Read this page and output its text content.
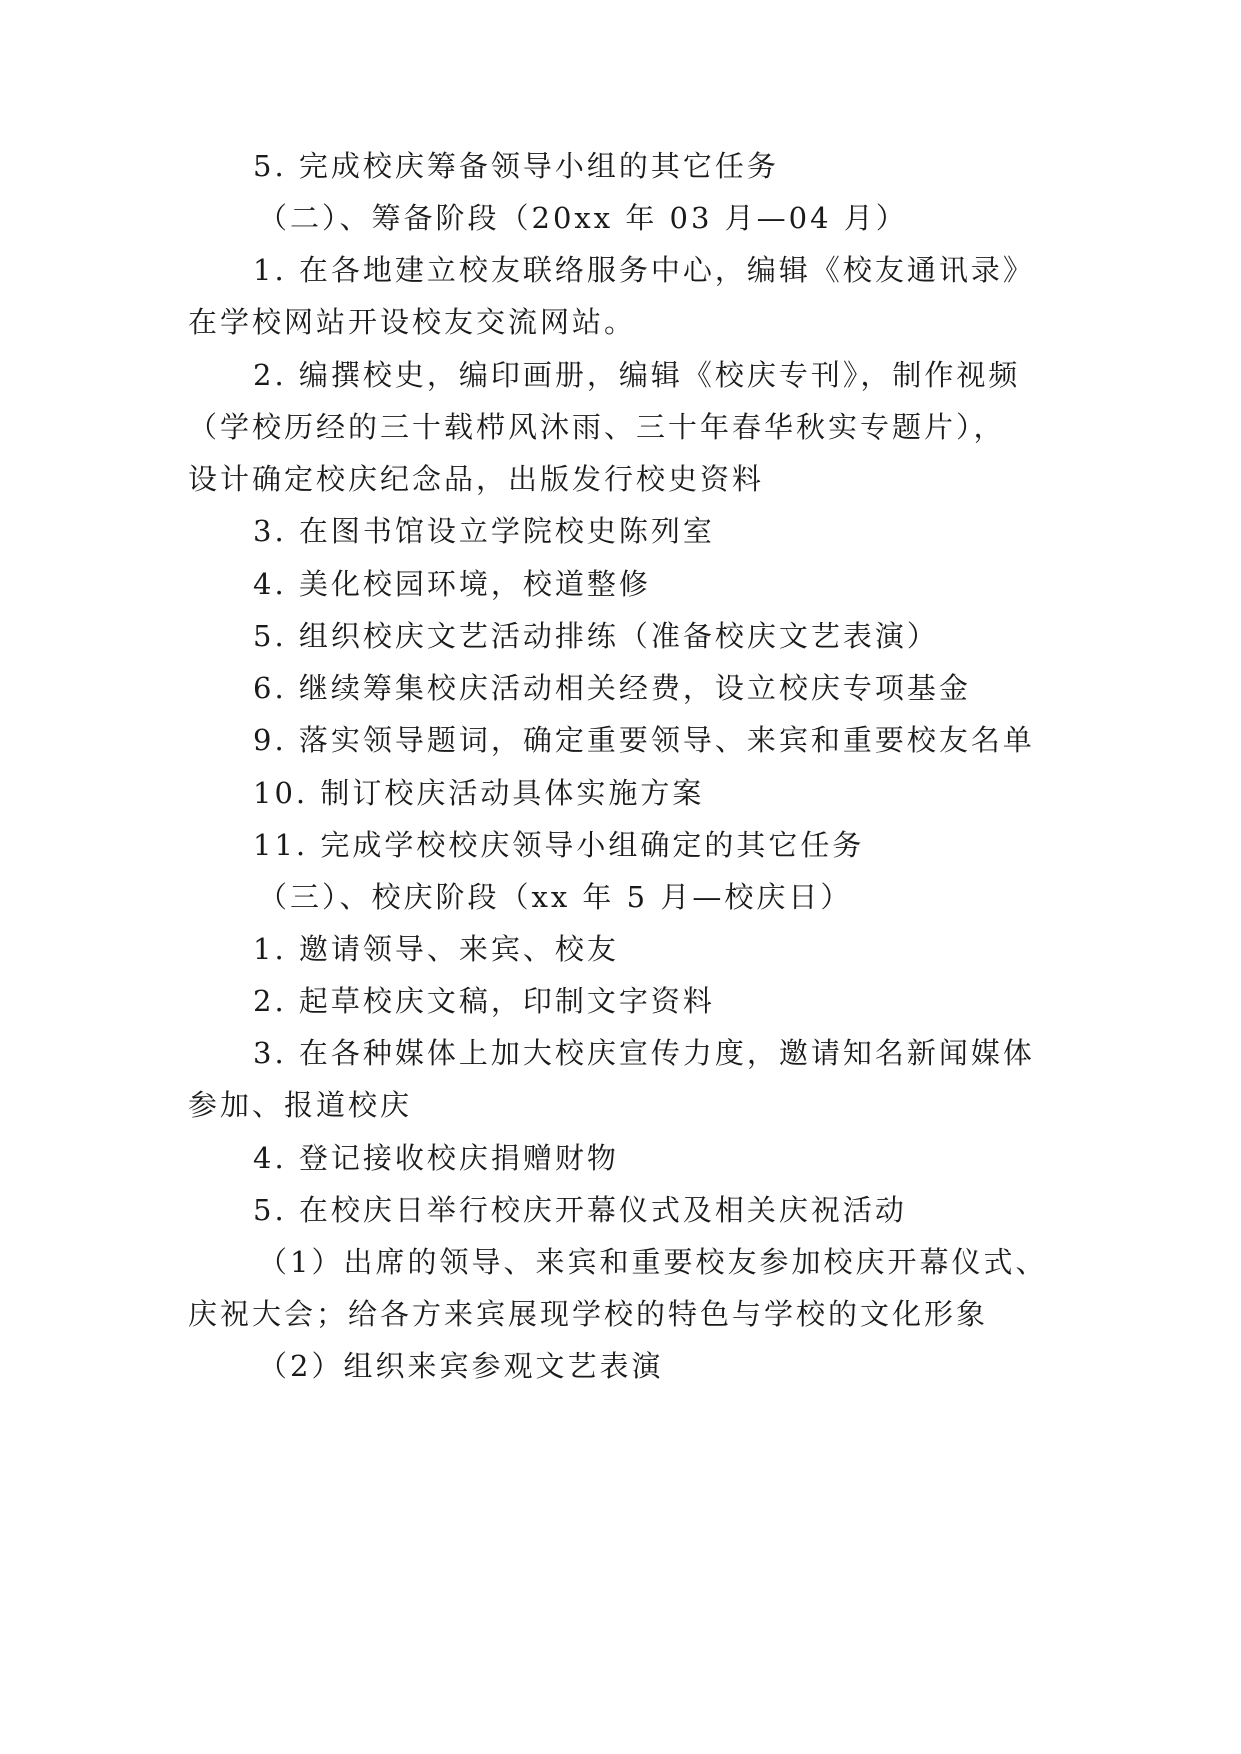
5. 完成校庆筹备领导小组的其它任务
（二）、筹备阶段（20xx 年 03 月—04 月）
1. 在各地建立校友联络服务中心，编辑《校友通讯录》
在学校网站开设校友交流网站。
2. 编撰校史，编印画册，编辑《校庆专刊》，制作视频
（学校历经的三十载栉风沐雨、三十年春华秋实专题片），
设计确定校庆纪念品，出版发行校史资料
3. 在图书馆设立学院校史陈列室
4. 美化校园环境，校道整修
5. 组织校庆文艺活动排练（准备校庆文艺表演）
6. 继续筹集校庆活动相关经费，设立校庆专项基金
9. 落实领导题词，确定重要领导、来宾和重要校友名单
10. 制订校庆活动具体实施方案
11. 完成学校校庆领导小组确定的其它任务
（三）、校庆阶段（xx 年 5 月—校庆日）
1. 邀请领导、来宾、校友
2. 起草校庆文稿，印制文字资料
3. 在各种媒体上加大校庆宣传力度，邀请知名新闻媒体
参加、报道校庆
4. 登记接收校庆捐赠财物
5. 在校庆日举行校庆开幕仪式及相关庆祝活动
（1）出席的领导、来宾和重要校友参加校庆开幕仪式、
庆祝大会；给各方来宾展现学校的特色与学校的文化形象
（2）组织来宾参观文艺表演
